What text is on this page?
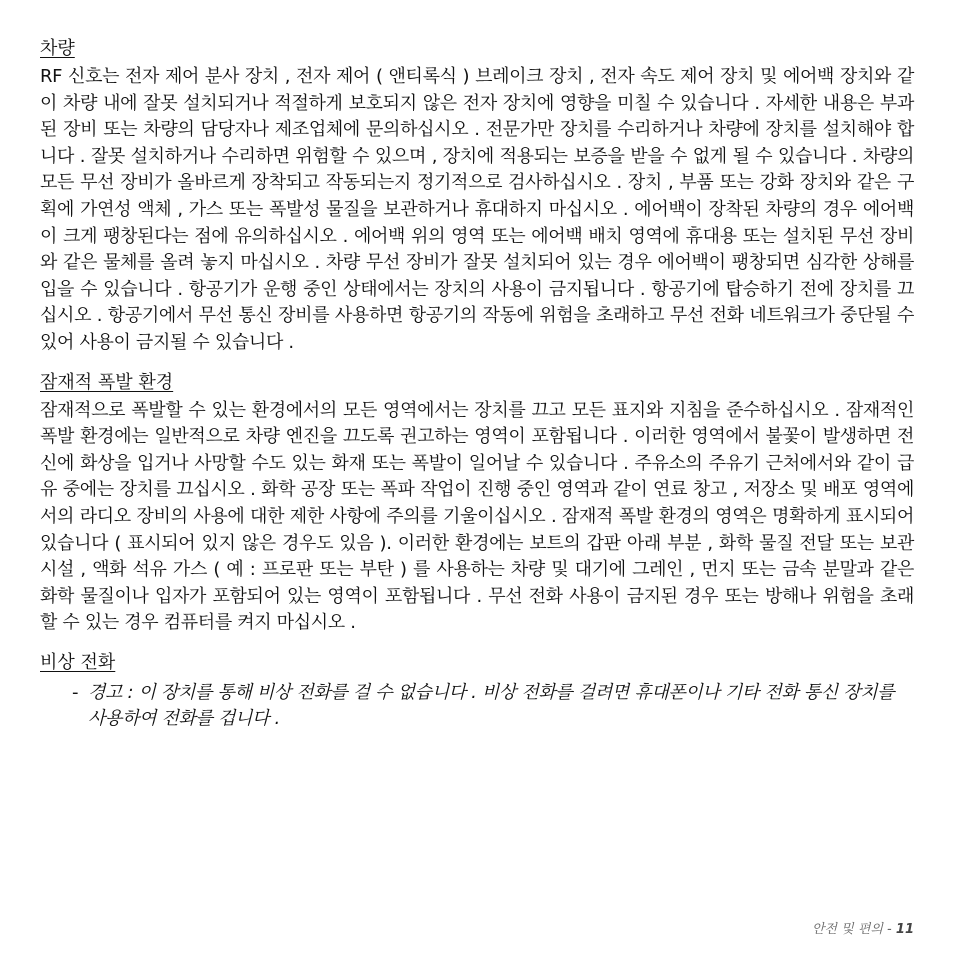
차량

RF 신호는 전자 제어 분사 장치 , 전자 제어 ( 앤티록식 ) 브레이크 장치 , 전자 속도 제어 장치 및 에어백 장치와 같이 차량 내에 잘못 설치되거나 적절하게 보호되지 않은 전자 장치에 영향을 미칠 수 있습니다 . 자세한 내용은 부과된 장비 또는 차량의 담당자나 제조업체에 문의하십시오 . 전문가만 장치를 수리하거나 차량에 장치를 설치해야 합니다 . 잘못 설치하거나 수리하면 위험할 수 있으며 , 장치에 적용되는 보증을 받을 수 없게 될 수 있습니다 . 차량의 모든 무선 장비가 올바르게 장착되고 작동되는지 정기적으로 검사하십시오 . 장치 , 부품 또는 강화 장치와 같은 구획에 가연성 액체 , 가스 또는 폭발성 물질을 보관하거나 휴대하지 마십시오 . 에어백이 장착된 차량의 경우 에어백이 크게 팽창된다는 점에 유의하십시오 . 에어백 위의 영역 또는 에어백 배치 영역에 휴대용 또는 설치된 무선 장비와 같은 물체를 올려 놓지 마십시오 . 차량 무선 장비가 잘못 설치되어 있는 경우 에어백이 팽창되면 심각한 상해를 입을 수 있습니다 . 항공기가 운행 중인 상태에서는 장치의 사용이 금지됩니다 . 항공기에 탑승하기 전에 장치를 끄십시오 . 항공기에서 무선 통신 장비를 사용하면 항공기의 작동에 위험을 초래하고 무선 전화 네트워크가 중단될 수 있어 사용이 금지될 수 있습니다 .

잠재적 폭발 환경

잠재적으로 폭발할 수 있는 환경에서의 모든 영역에서는 장치를 끄고 모든 표지와 지침을 준수하십시오 . 잠재적인 폭발 환경에는 일반적으로 차량 엔진을 끄도록 권고하는 영역이 포함됩니다 . 이러한 영역에서 불꽃이 발생하면 전신에 화상을 입거나 사망할 수도 있는 화재 또는 폭발이 일어날 수 있습니다 . 주유소의 주유기 근처에서와 같이 급유 중에는 장치를 끄십시오 . 화학 공장 또는 폭파 작업이 진행 중인 영역과 같이 연료 창고 , 저장소 및 배포 영역에서의 라디오 장비의 사용에 대한 제한 사항에 주의를 기울이십시오 . 잠재적 폭발 환경의 영역은 명확하게 표시되어 있습니다 ( 표시되어 있지 않은 경우도 있음 ). 이러한 환경에는 보트의 갑판 아래 부분 , 화학 물질 전달 또는 보관 시설 , 액화 석유 가스 ( 예 : 프로판 또는 부탄 ) 를 사용하는 차량 및 대기에 그레인 , 먼지 또는 금속 분말과 같은 화학 물질이나 입자가 포함되어 있는 영역이 포함됩니다 . 무선 전화 사용이 금지된 경우 또는 방해나 위험을 초래할 수 있는 경우 컴퓨터를 켜지 마십시오 .

비상 전화
- 경고 : 이 장치를 통해 비상 전화를 걸 수 없습니다 . 비상 전화를 걸려면 휴대폰이나 기타 전화 통신 장치를 사용하여 전화를 겁니다 .
안전 및 편의 - 11
